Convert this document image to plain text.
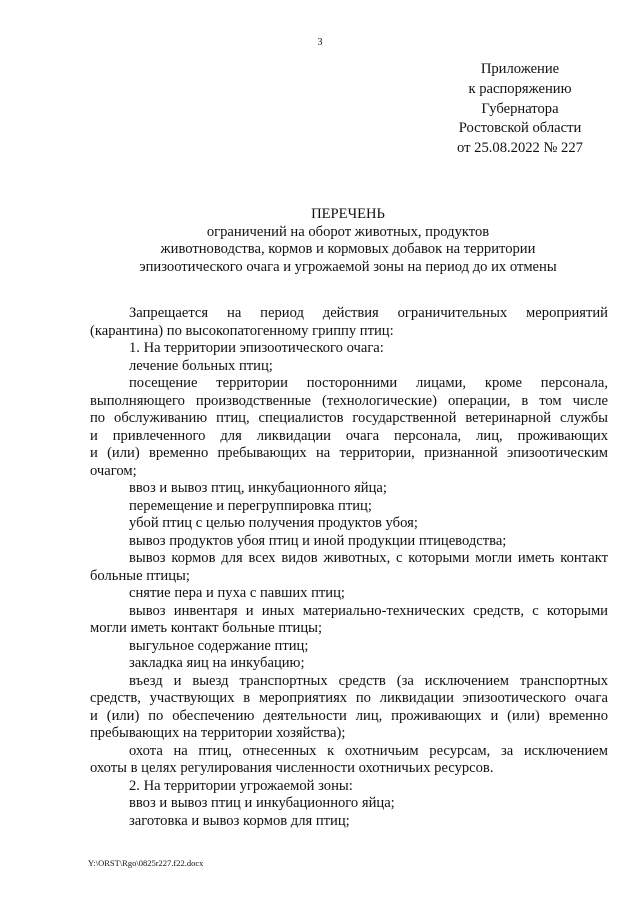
3
Приложение
к распоряжению
Губернатора
Ростовской области
от 25.08.2022 № 227
ПЕРЕЧЕНЬ
ограничений на оборот животных, продуктов
животноводства, кормов и кормовых добавок на территории
эпизоотического очага и угрожаемой зоны на период до их отмены

Запрещается на период действия ограничительных мероприятий

(карантина) по высокопатогенному гриппу птиц:

1. На территории эпизоотического очага:

лечение больных птиц;

посещение территории посторонними лицами, кроме персонала,

выполняющего производственные (технологические) операции, в том числе

по обслуживанию птиц, специалистов государственной ветеринарной службы

и привлеченного для ликвидации очага персонала, лиц, проживающих

и (или) временно пребывающих на территории, признанной эпизоотическим

очагом;

ввоз и вывоз птиц, инкубационного яйца;

перемещение и перегруппировка птиц;

убой птиц с целью получения продуктов убоя;

вывоз продуктов убоя птиц и иной продукции птицеводства;

вывоз кормов для всех видов животных, с которыми могли иметь контакт

больные птицы;

снятие пера и пуха с павших птиц;

вывоз инвентаря и иных материально-технических средств, с которыми

могли иметь контакт больные птицы;

выгульное содержание птиц;

закладка яиц на инкубацию;

въезд и выезд транспортных средств (за исключением транспортных

средств, участвующих в мероприятиях по ликвидации эпизоотического очага

и (или) по обеспечению деятельности лиц, проживающих и (или) временно

пребывающих на территории хозяйства);

охота на птиц, отнесенных к охотничьим ресурсам, за исключением

охоты в целях регулирования численности охотничьих ресурсов.

2. На территории угрожаемой зоны:

ввоз и вывоз птиц и инкубационного яйца;

заготовка и вывоз кормов для птиц;

Y:\ORST\Rgo\0825r227.f22.docx
